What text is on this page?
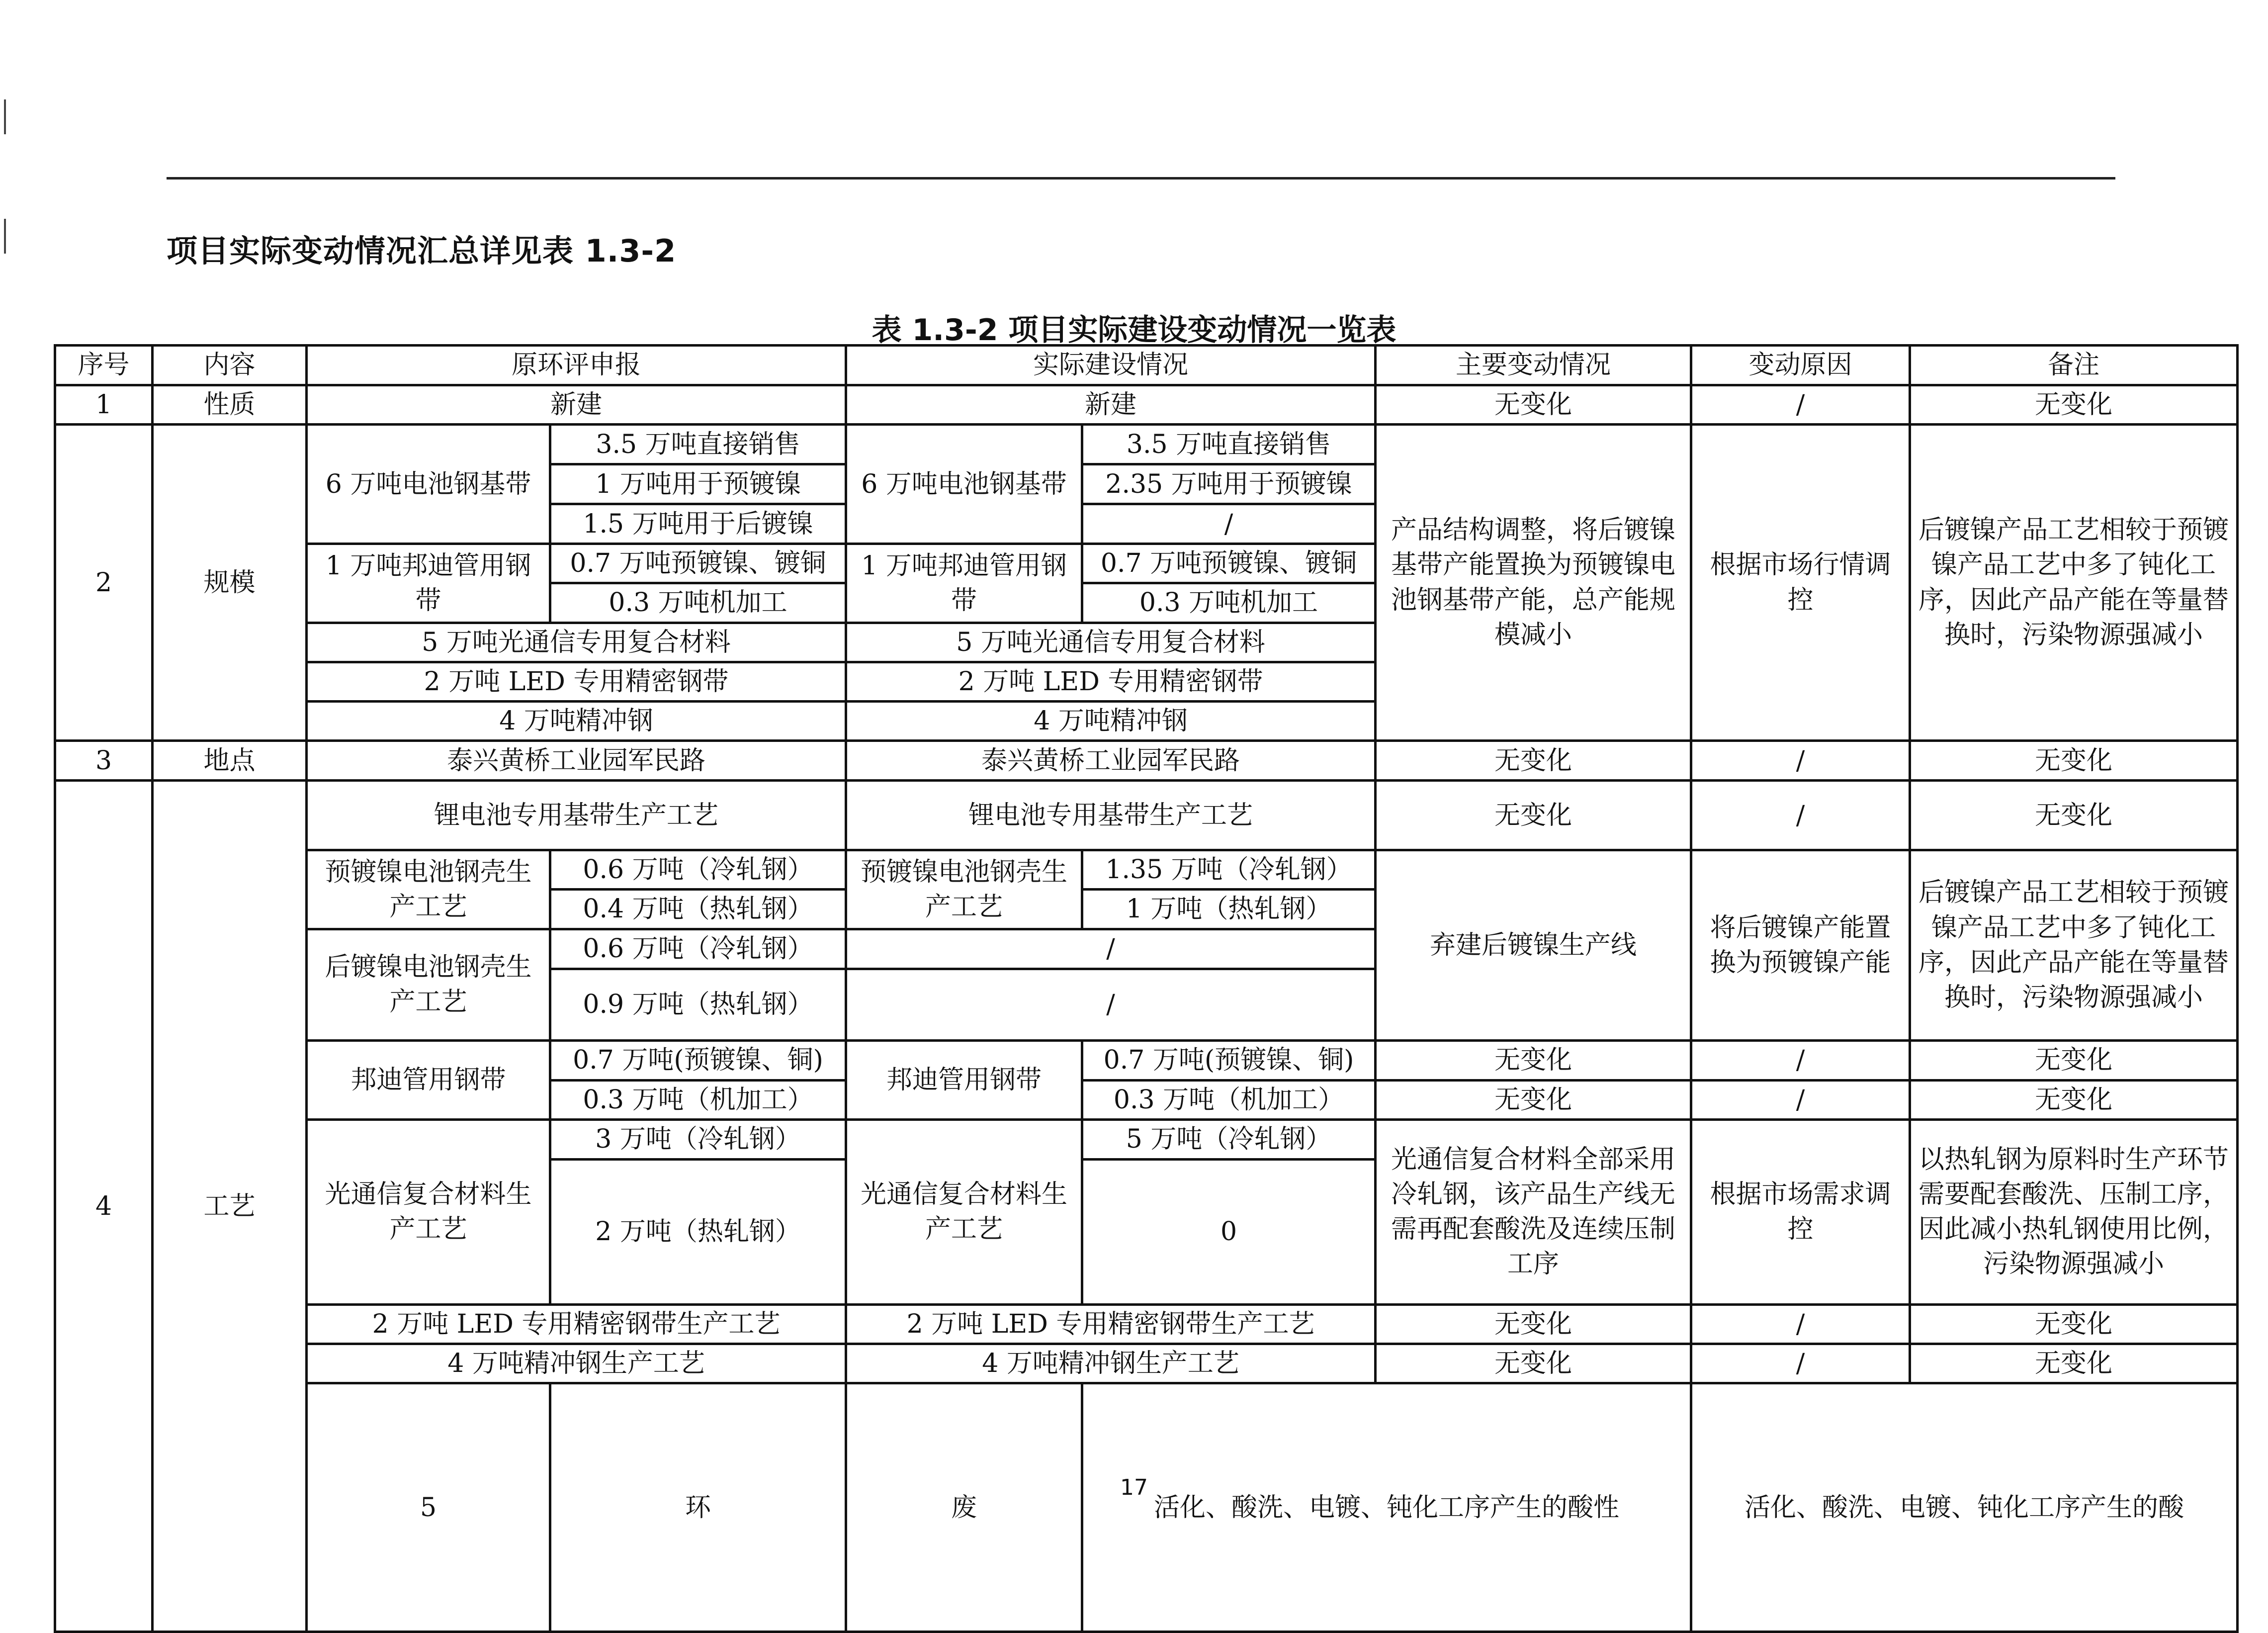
项目实际变动情况汇总详见表 1.3-2
表 1.3-2 项目实际建设变动情况一览表
序号	内容	原环评申报		实际建设情况		主要变动情况	变动原因	备注	
1	性质	新建		新建		无变化	/	无变化	
2	规模	6 万吨电池钢基带	3.5 万吨直接销售	6 万吨电池钢基带	3.5 万吨直接销售	产品结构调整，将后镀镍基带产能置换为预镀镍电池钢基带产能，总产能规模减小	根据市场行情调控	后镀镍产品工艺相较于预镀镍产品工艺中多了钝化工序，因此产品产能在等量替换时，污染物源强减小	
			1 万吨用于预镀镍		2.35 万吨用于预镀镍				
			1.5 万吨用于后镀镍		/				
		1 万吨邦迪管用钢带	0.7 万吨预镀镍、镀铜	1 万吨邦迪管用钢带	0.7 万吨预镀镍、镀铜				
			0.3 万吨机加工		0.3 万吨机加工				
		5 万吨光通信专用复合材料		5 万吨光通信专用复合材料					
		2 万吨 LED 专用精密钢带		2 万吨 LED 专用精密钢带					
		4 万吨精冲钢		4 万吨精冲钢					
3	地点	泰兴黄桥工业园军民路		泰兴黄桥工业园军民路		无变化	/	无变化	
4	工艺	锂电池专用基带生产工艺		锂电池专用基带生产工艺		无变化	/	无变化	
		预镀镍电池钢壳生产工艺	0.6 万吨（冷轧钢）	预镀镍电池钢壳生产工艺	1.35 万吨（冷轧钢）	弃建后镀镍生产线	将后镀镍产能置换为预镀镍产能	后镀镍产品工艺相较于预镀镍产品工艺中多了钝化工序，因此产品产能在等量替换时，污染物源强减小	
			0.4 万吨（热轧钢）		1 万吨（热轧钢）				
		后镀镍电池钢壳生产工艺	0.6 万吨（冷轧钢）	/					
			0.9 万吨（热轧钢）	/					
		邦迪管用钢带	0.7 万吨(预镀镍、铜)	邦迪管用钢带	0.7 万吨(预镀镍、铜)	无变化	/	无变化	
			0.3 万吨（机加工）		0.3 万吨（机加工）	无变化	/	无变化	
		光通信复合材料生产工艺	3 万吨（冷轧钢）	光通信复合材料生产工艺	5 万吨（冷轧钢）	光通信复合材料全部采用冷轧钢，该产品生产线无需再配套酸洗及连续压制工序	根据市场需求调控	以热轧钢为原料时生产环节需要配套酸洗、压制工序，因此减小热轧钢使用比例，污染物源强减小	
			2 万吨（热轧钢）		0				
		2 万吨 LED 专用精密钢带生产工艺		2 万吨 LED 专用精密钢带生产工艺		无变化	/	无变化	
		4 万吨精冲钢生产工艺		4 万吨精冲钢生产工艺		无变化	/	无变化	
		5	环	废	活化、酸洗、电镀、钝化工序产生的酸性		活化、酸洗、电镀、钝化工序产生的酸			
17
